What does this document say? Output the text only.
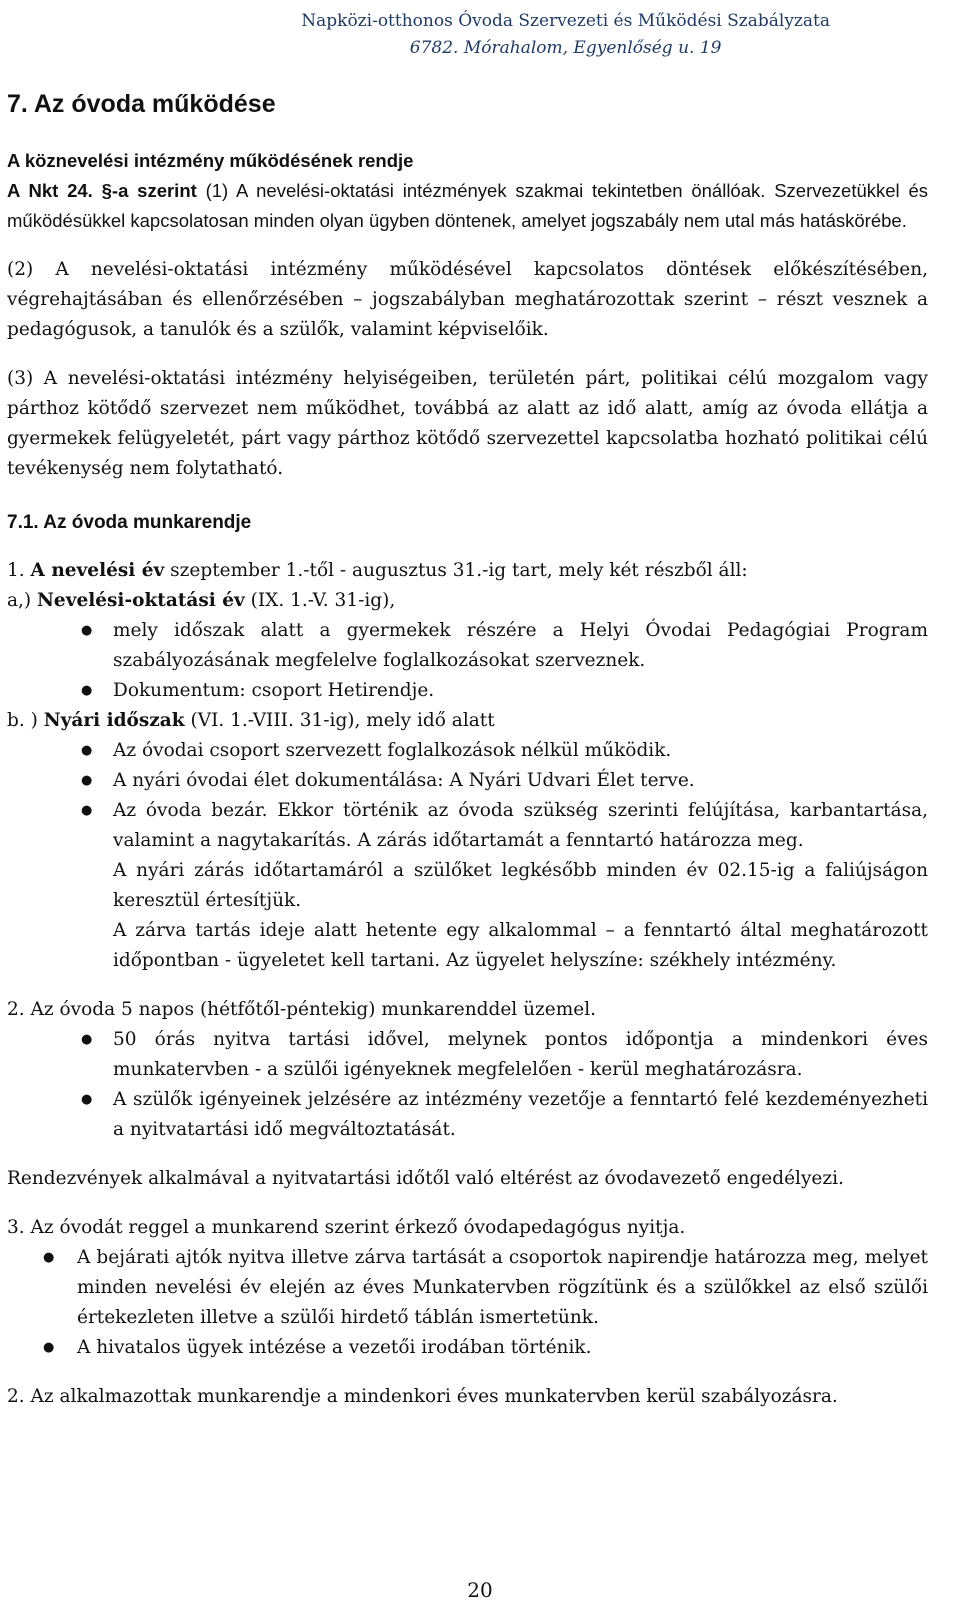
Napközi-otthonos Óvoda Szervezeti és Működési Szabályzata
6782. Mórahalom, Egyenlőség u. 19
7. Az óvoda működése

A köznevelési intézmény működésének rendje

A Nkt 24. §-a szerint (1) A nevelési-oktatási intézmények szakmai tekintetben önállóak. Szervezetükkel és működésükkel kapcsolatosan minden olyan ügyben döntenek, amelyet jogszabály nem utal más hatáskörébe.

(2) A nevelési-oktatási intézmény működésével kapcsolatos döntések előkészítésében, végrehajtásában és ellenőrzésében – jogszabályban meghatározottak szerint – részt vesznek a pedagógusok, a tanulók és a szülők, valamint képviselőik.

(3) A nevelési-oktatási intézmény helyiségeiben, területén párt, politikai célú mozgalom vagy párthoz kötődő szervezet nem működhet, továbbá az alatt az idő alatt, amíg az óvoda ellátja a gyermekek felügyeletét, párt vagy párthoz kötődő szervezettel kapcsolatba hozható politikai célú tevékenység nem folytatható.

7.1. Az óvoda munkarendje

1. A nevelési év szeptember 1.-től - augusztus 31.-ig tart, mely két részből áll:

a,) Nevelési-oktatási év (IX. 1.-V. 31-ig),

● mely időszak alatt a gyermekek részére a Helyi Óvodai Pedagógiai Program szabályozásának megfelelve foglalkozásokat szerveznek.
● Dokumentum: csoport Hetirendje.

b. ) Nyári időszak (VI. 1.-VIII. 31-ig), mely idő alatt

● Az óvodai csoport szervezett foglalkozások nélkül működik.
● A nyári óvodai élet dokumentálása: A Nyári Udvari Élet terve.
● Az óvoda bezár. Ekkor történik az óvoda szükség szerinti felújítása, karbantartása, valamint a nagytakarítás. A zárás időtartamát a fenntartó határozza meg.
A nyári zárás időtartamáról a szülőket legkésőbb minden év 02.15-ig a faliújságon keresztül értesítjük.
A zárva tartás ideje alatt hetente egy alkalommal – a fenntartó által meghatározott időpontban - ügyeletet kell tartani. Az ügyelet helyszíne: székhely intézmény.

2. Az óvoda 5 napos (hétfőtől-péntekig) munkarenddel üzemel.

● 50 órás nyitva tartási idővel, melynek pontos időpontja a mindenkori éves munkatervben - a szülői igényeknek megfelelően - kerül meghatározásra.
● A szülők igényeinek jelzésére az intézmény vezetője a fenntartó felé kezdeményezheti a nyitvatartási idő megváltoztatását.

Rendezvények alkalmával a nyitvatartási időtől való eltérést az óvodavezető engedélyezi.

3. Az óvodát reggel a munkarend szerint érkező óvodapedagógus nyitja.

● A bejárati ajtók nyitva illetve zárva tartását a csoportok napirendje határozza meg, melyet minden nevelési év elején az éves Munkatervben rögzítünk és a szülőkkel az első szülői értekezleten illetve a szülői hirdető táblán ismertetünk.
● A hivatalos ügyek intézése a vezetői irodában történik.

2. Az alkalmazottak munkarendje a mindenkori éves munkatervben kerül szabályozásra.

20
